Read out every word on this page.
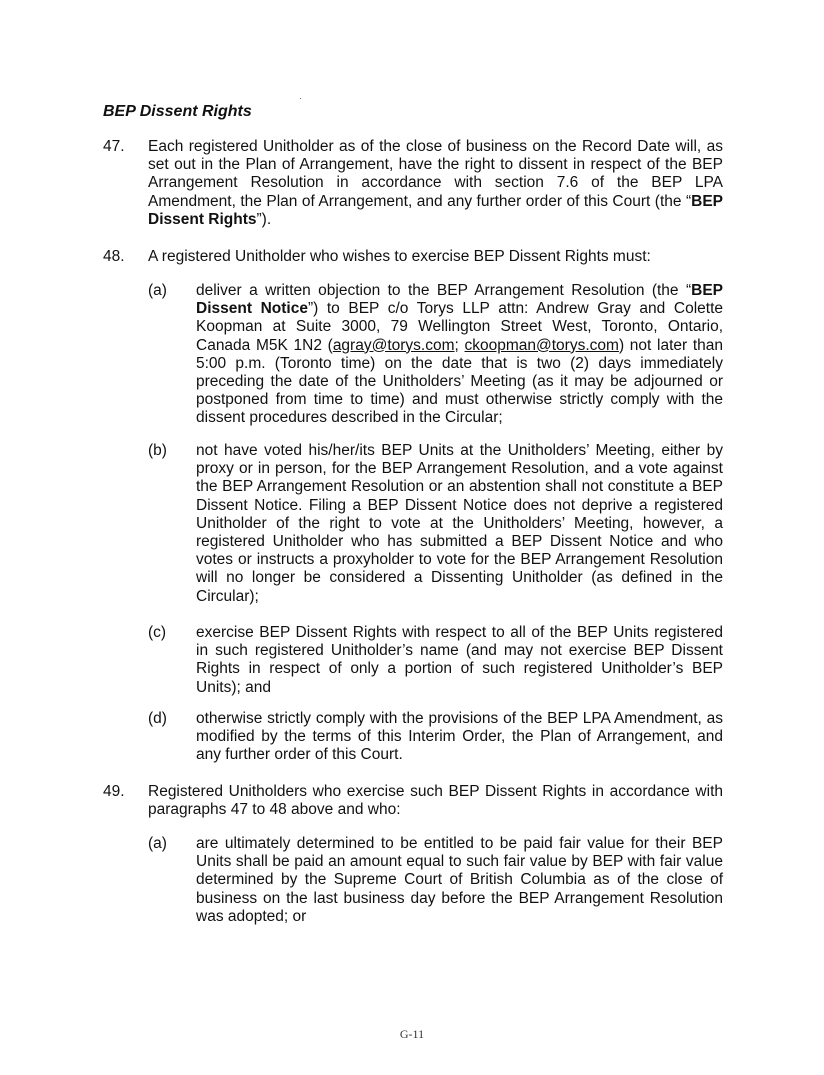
BEP Dissent Rights
47. Each registered Unitholder as of the close of business on the Record Date will, as set out in the Plan of Arrangement, have the right to dissent in respect of the BEP Arrangement Resolution in accordance with section 7.6 of the BEP LPA Amendment, the Plan of Arrangement, and any further order of this Court (the “BEP Dissent Rights”).
48. A registered Unitholder who wishes to exercise BEP Dissent Rights must:
(a) deliver a written objection to the BEP Arrangement Resolution (the “BEP Dissent Notice”) to BEP c/o Torys LLP attn: Andrew Gray and Colette Koopman at Suite 3000, 79 Wellington Street West, Toronto, Ontario, Canada M5K 1N2 (agray@torys.com; ckoopman@torys.com) not later than 5:00 p.m. (Toronto time) on the date that is two (2) days immediately preceding the date of the Unitholders’ Meeting (as it may be adjourned or postponed from time to time) and must otherwise strictly comply with the dissent procedures described in the Circular;
(b) not have voted his/her/its BEP Units at the Unitholders’ Meeting, either by proxy or in person, for the BEP Arrangement Resolution, and a vote against the BEP Arrangement Resolution or an abstention shall not constitute a BEP Dissent Notice. Filing a BEP Dissent Notice does not deprive a registered Unitholder of the right to vote at the Unitholders’ Meeting, however, a registered Unitholder who has submitted a BEP Dissent Notice and who votes or instructs a proxyholder to vote for the BEP Arrangement Resolution will no longer be considered a Dissenting Unitholder (as defined in the Circular);
(c) exercise BEP Dissent Rights with respect to all of the BEP Units registered in such registered Unitholder’s name (and may not exercise BEP Dissent Rights in respect of only a portion of such registered Unitholder’s BEP Units); and
(d) otherwise strictly comply with the provisions of the BEP LPA Amendment, as modified by the terms of this Interim Order, the Plan of Arrangement, and any further order of this Court.
49. Registered Unitholders who exercise such BEP Dissent Rights in accordance with paragraphs 47 to 48 above and who:
(a) are ultimately determined to be entitled to be paid fair value for their BEP Units shall be paid an amount equal to such fair value by BEP with fair value determined by the Supreme Court of British Columbia as of the close of business on the last business day before the BEP Arrangement Resolution was adopted; or
G-11
